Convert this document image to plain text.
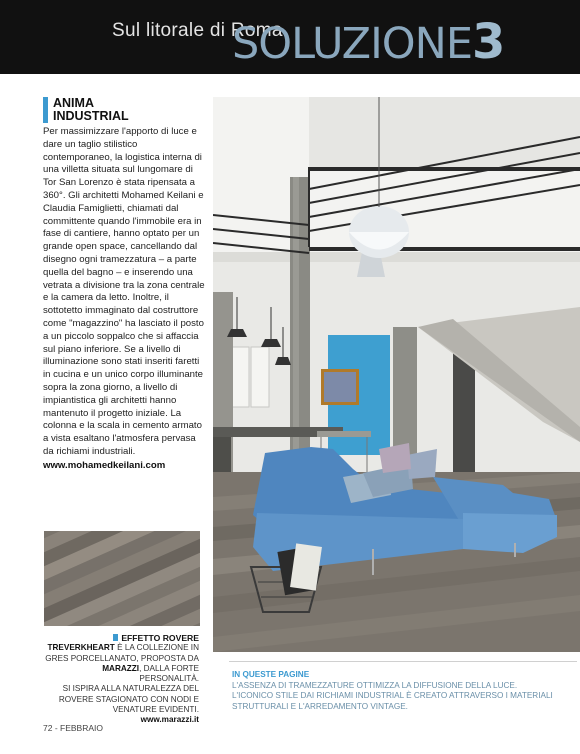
Sul litorale di Roma
SOLUZIONE3
ANIMA
INDUSTRIAL

Per massimizzare l'apporto di luce e dare un taglio stilistico contemporaneo, la logistica interna di una villetta situata sul lungomare di Tor San Lorenzo è stata ripensata a 360°. Gli architetti Mohamed Keilani e Claudia Famiglietti, chiamati dal committente quando l'immobile era in fase di cantiere, hanno optato per un grande open space, cancellando dal disegno ogni tramezzatura – a parte quella del bagno – e inserendo una vetrata a divisione tra la zona centrale e la camera da letto. Inoltre, il sottotetto immaginato dal costruttore come "magazzino" ha lasciato il posto a un piccolo soppalco che si affaccia sul piano inferiore. Se a livello di illuminazione sono stati inseriti faretti in cucina e un unico corpo illuminante sopra la zona giorno, a livello di impiantistica gli architetti hanno mantenuto il progetto iniziale. La colonna e la scala in cemento armato a vista esaltano l'atmosfera pervasa da richiami industriali.

www.mohamedkeilani.com
EFFETTO ROVERE
TREVERKHEART È LA COLLEZIONE IN
GRES PORCELLANATO, PROPOSTA DA
MARAZZI, DALLA FORTE PERSONALITÀ.
SI ISPIRA ALLA NATURALEZZA DEL
ROVERE STAGIONATO CON NODI E
VENATURE EVIDENTI.
www.marazzi.it
IN QUESTE PAGINE
L'ASSENZA DI TRAMEZZATURE OTTIMIZZA LA DIFFUSIONE DELLA LUCE.
L'ICONICO STILE DAI RICHIAMI INDUSTRIAL È CREATO ATTRAVERSO I MATERIALI
STRUTTURALI E L'ARREDAMENTO VINTAGE.
72 - FEBBRAIO
